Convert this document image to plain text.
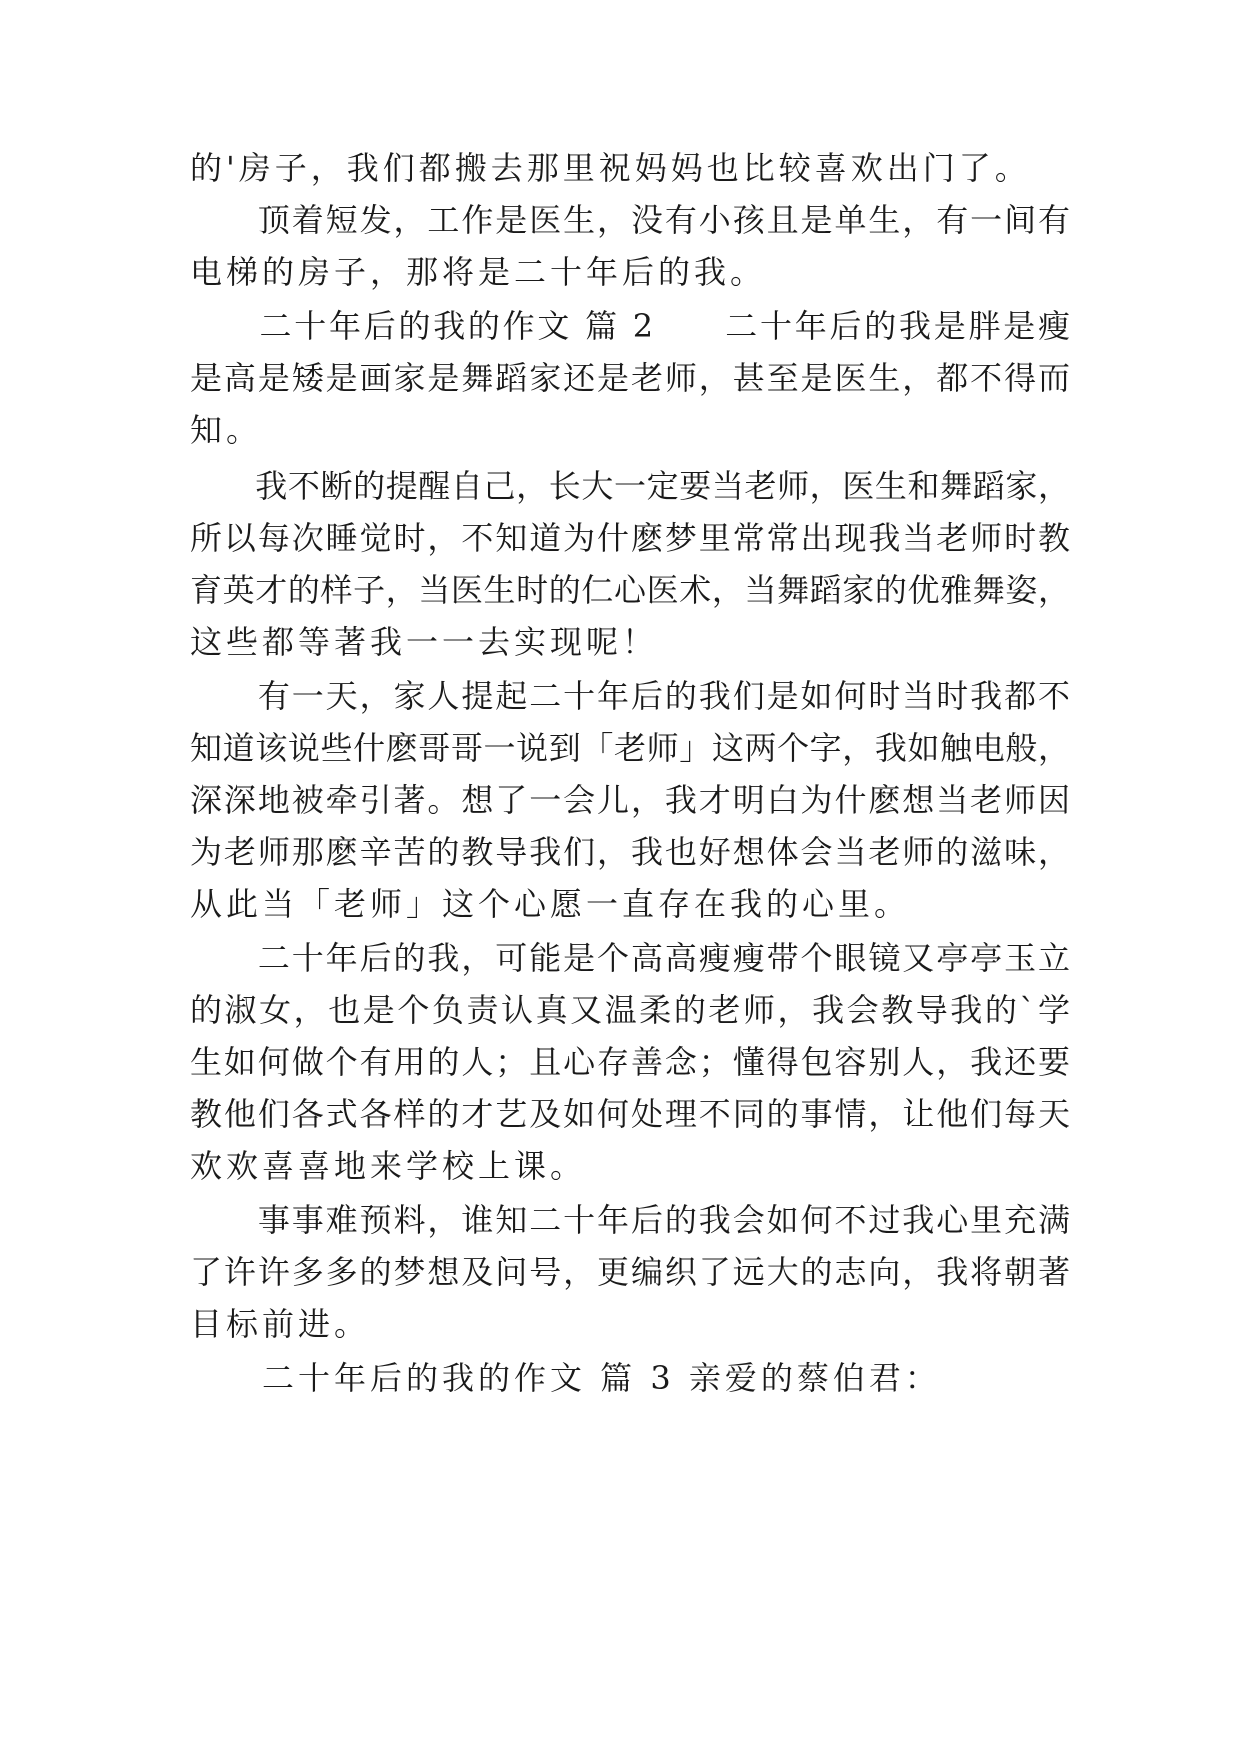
的'房子，我们都搬去那里祝妈妈也比较喜欢出门了。
　　顶着短发，工作是医生，没有小孩且是单生，有一间有
电梯的房子，那将是二十年后的我。
　　二十年后的我的作文 篇 2　　二十年后的我是胖是瘦
是高是矮是画家是舞蹈家还是老师，甚至是医生，都不得而
知。
　　我不断的提醒自己，长大一定要当老师，医生和舞蹈家，
所以每次睡觉时，不知道为什麽梦里常常出现我当老师时教
育英才的样子，当医生时的仁心医术，当舞蹈家的优雅舞姿，
这些都等著我一一去实现呢！
　　有一天，家人提起二十年后的我们是如何时当时我都不
知道该说些什麽哥哥一说到「老师」这两个字，我如触电般，
深深地被牵引著。想了一会儿，我才明白为什麽想当老师因
为老师那麽辛苦的教导我们，我也好想体会当老师的滋味，
从此当「老师」这个心愿一直存在我的心里。
　　二十年后的我，可能是个高高瘦瘦带个眼镜又亭亭玉立
的淑女，也是个负责认真又温柔的老师，我会教导我的`学
生如何做个有用的人；且心存善念；懂得包容别人，我还要
教他们各式各样的才艺及如何处理不同的事情，让他们每天
欢欢喜喜地来学校上课。
　　事事难预料，谁知二十年后的我会如何不过我心里充满
了许许多多的梦想及问号，更编织了远大的志向，我将朝著
目标前进。
　　二十年后的我的作文 篇 3 亲爱的蔡伯君：
